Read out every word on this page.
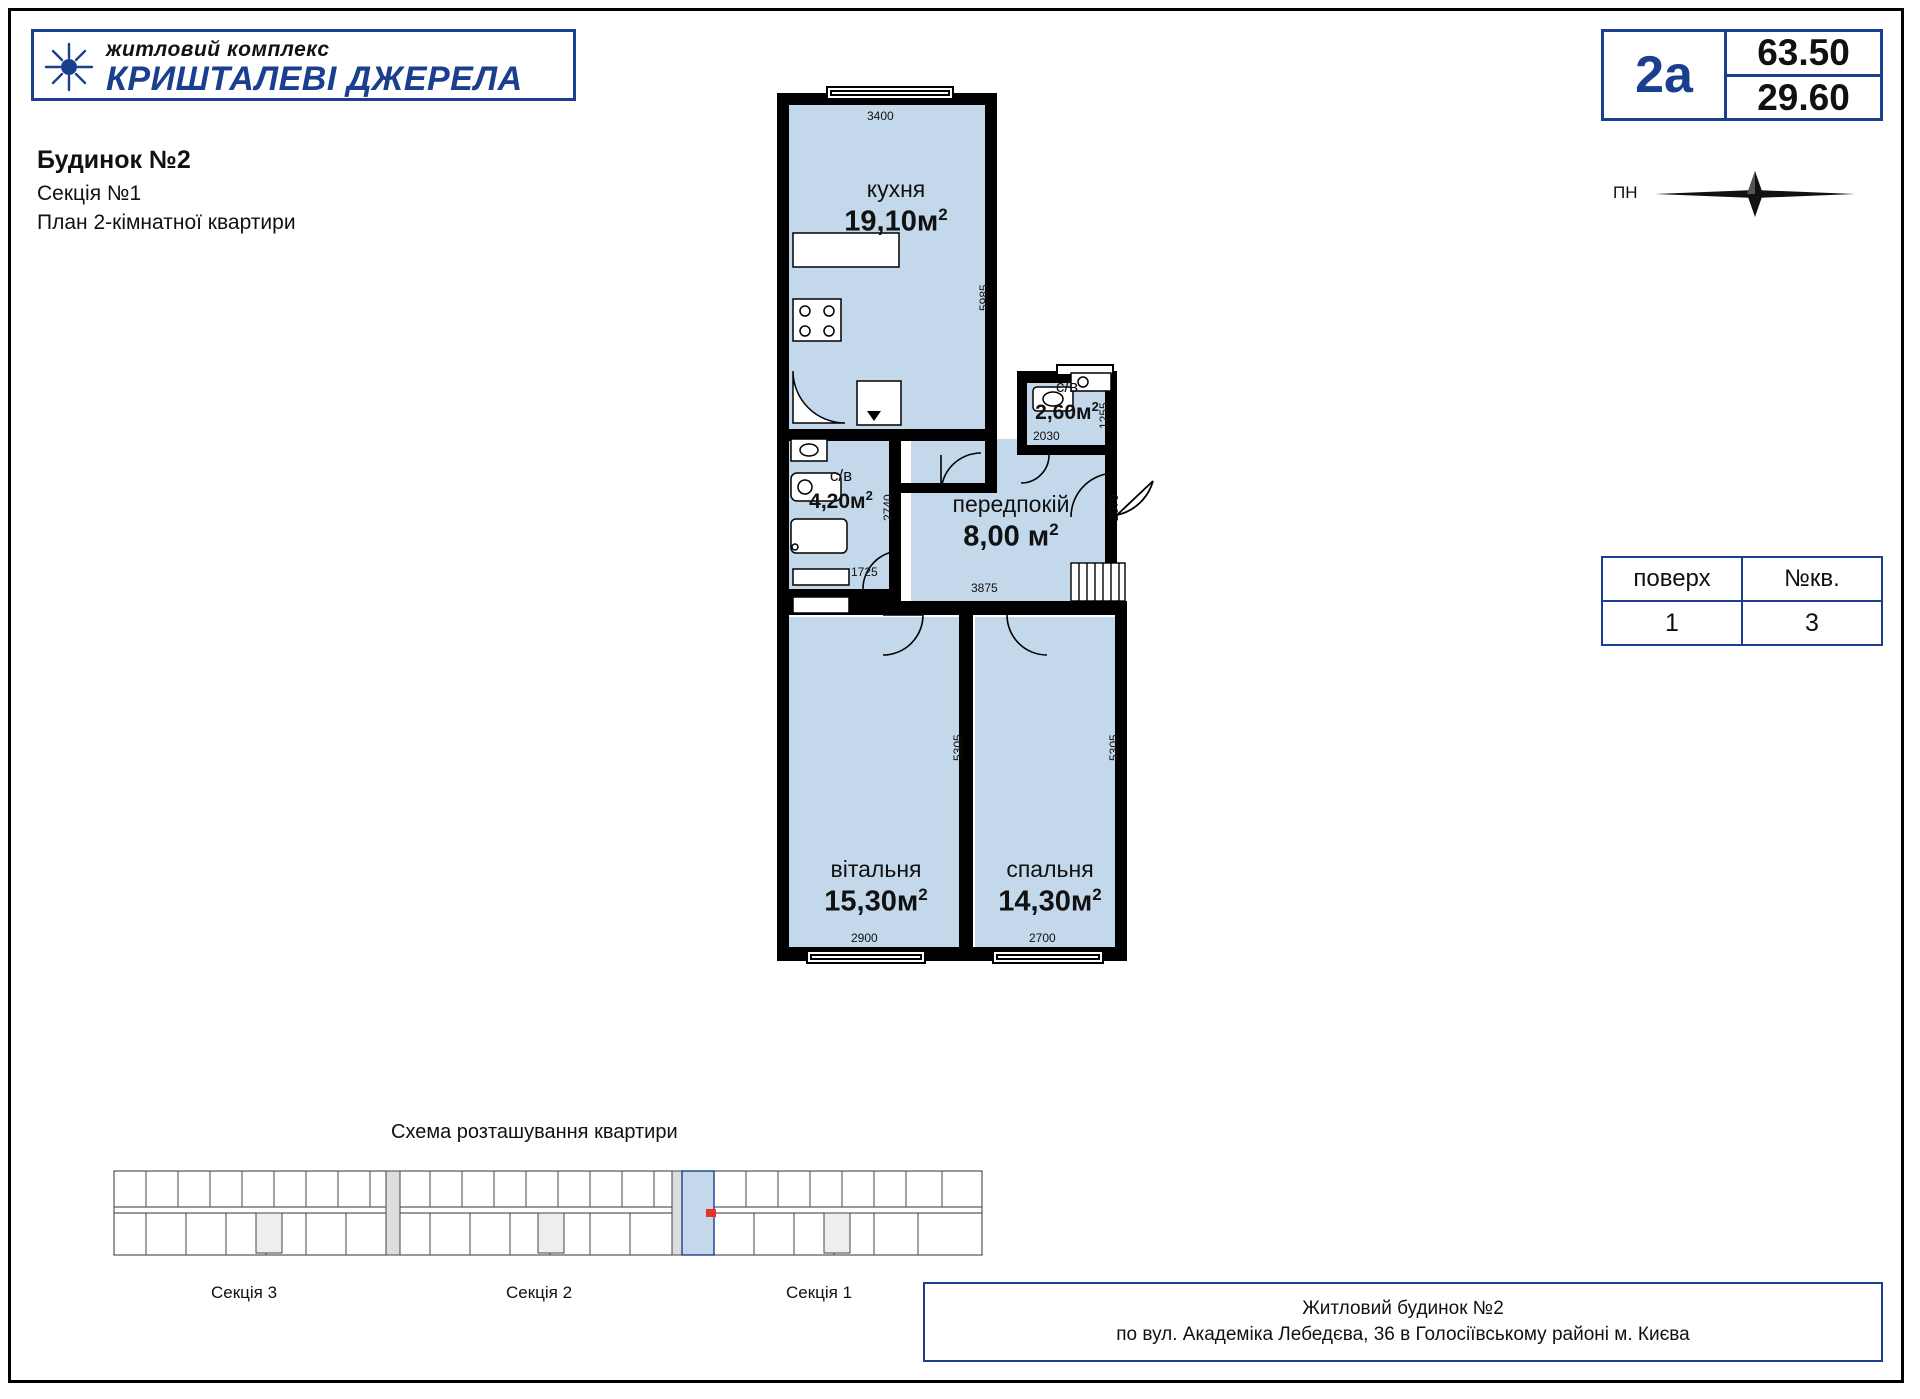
житловий комплекс
КРИШТАЛЕВІ ДЖЕРЕЛА
Будинок №2
Секція №1
План 2-кімнатної квартири
2а	63.50
29.60
ПН
поверх	№кв.
1	3
кухня
$19,10м^2$
с/в
$2,60м^2$
с/в
$4,20м^2$	передпокій
8,00 $м^2$
вітальня
$15,30м^2$
спальня
$14,30м^2$
3400
5985
2030
1255
1725
2740
3875
2070
5305	5305
2900	2700
Схема розташування квартири
Секція 3	Секція 2	Секція 1
Житловий будинок №2
по вул. Академіка Лебедєва, 36 в Голосіївському районі м. Києва
